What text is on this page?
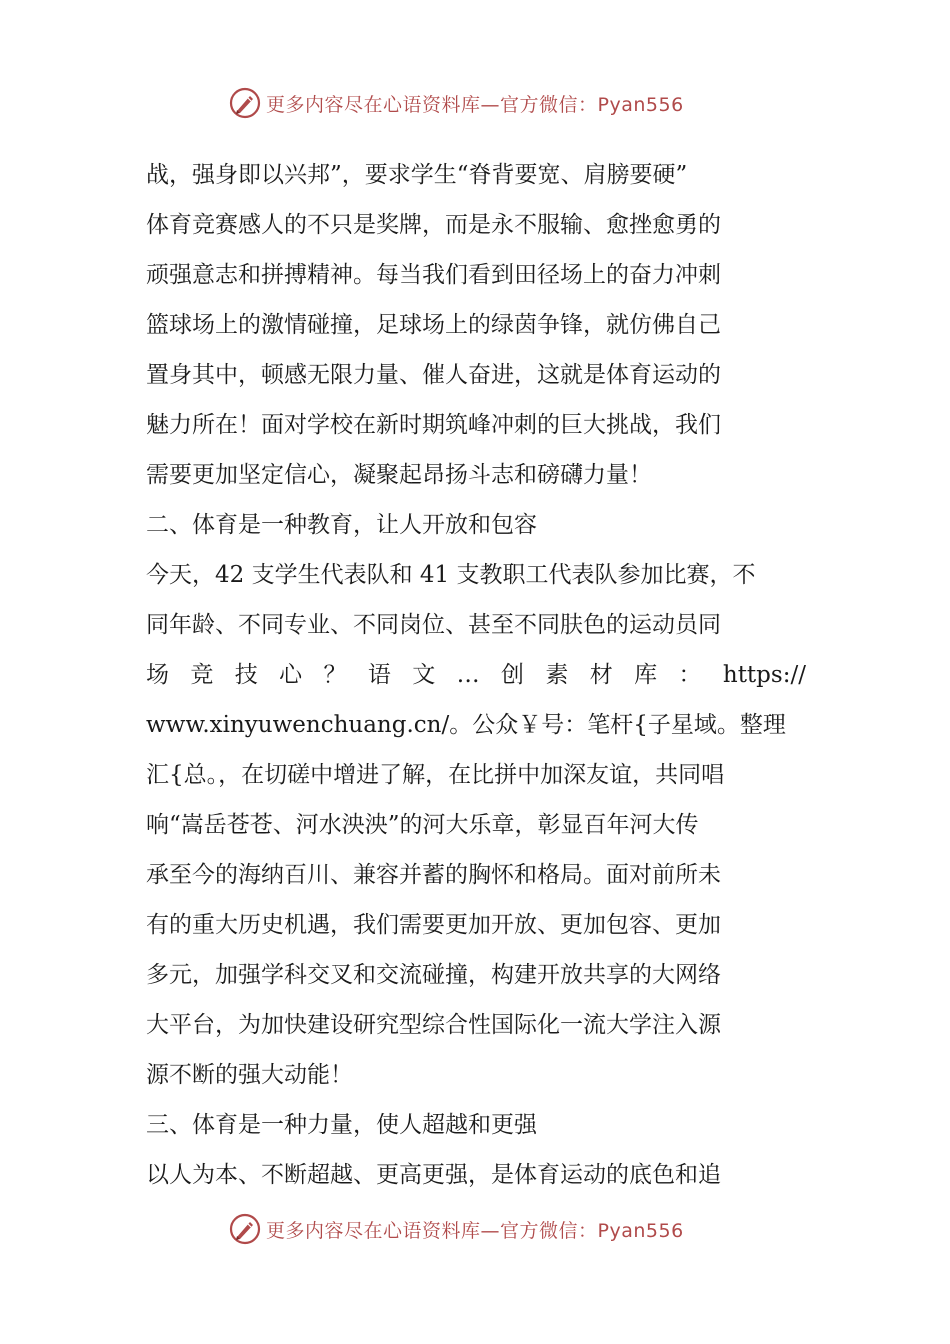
更多内容尽在心语资料库—官方微信：Pyan556
战，强身即以兴邦”，要求学生“脊背要宽、肩膀要硬”
体育竞赛感人的不只是奖牌，而是永不服输、愈挫愈勇的
顽强意志和拼搏精神。每当我们看到田径场上的奋力冲刺
篮球场上的激情碰撞，足球场上的绿茵争锋，就仿佛自己
置身其中，顿感无限力量、催人奋进，这就是体育运动的
魅力所在！面对学校在新时期筑峰冲刺的巨大挑战，我们
需要更加坚定信心，凝聚起昂扬斗志和磅礴力量！
二、体育是一种教育，让人开放和包容
今天，42 支学生代表队和 41 支教职工代表队参加比赛，不
同年龄、不同专业、不同岗位、甚至不同肤色的运动员同
场 竞 技 心 ？ 语 文 … 创 素 材 库 ： https://
www.xinyuwenchuang.cn/。公众￥号：笔杆{子星域。整理
汇{总。，在切磋中增进了解，在比拼中加深友谊，共同唱
响“嵩岳苍苍、河水泱泱”的河大乐章，彰显百年河大传
承至今的海纳百川、兼容并蓄的胸怀和格局。面对前所未
有的重大历史机遇，我们需要更加开放、更加包容、更加
多元，加强学科交叉和交流碰撞，构建开放共享的大网络
大平台，为加快建设研究型综合性国际化一流大学注入源
源不断的强大动能！
三、体育是一种力量，使人超越和更强
以人为本、不断超越、更高更强，是体育运动的底色和追
更多内容尽在心语资料库—官方微信：Pyan556
